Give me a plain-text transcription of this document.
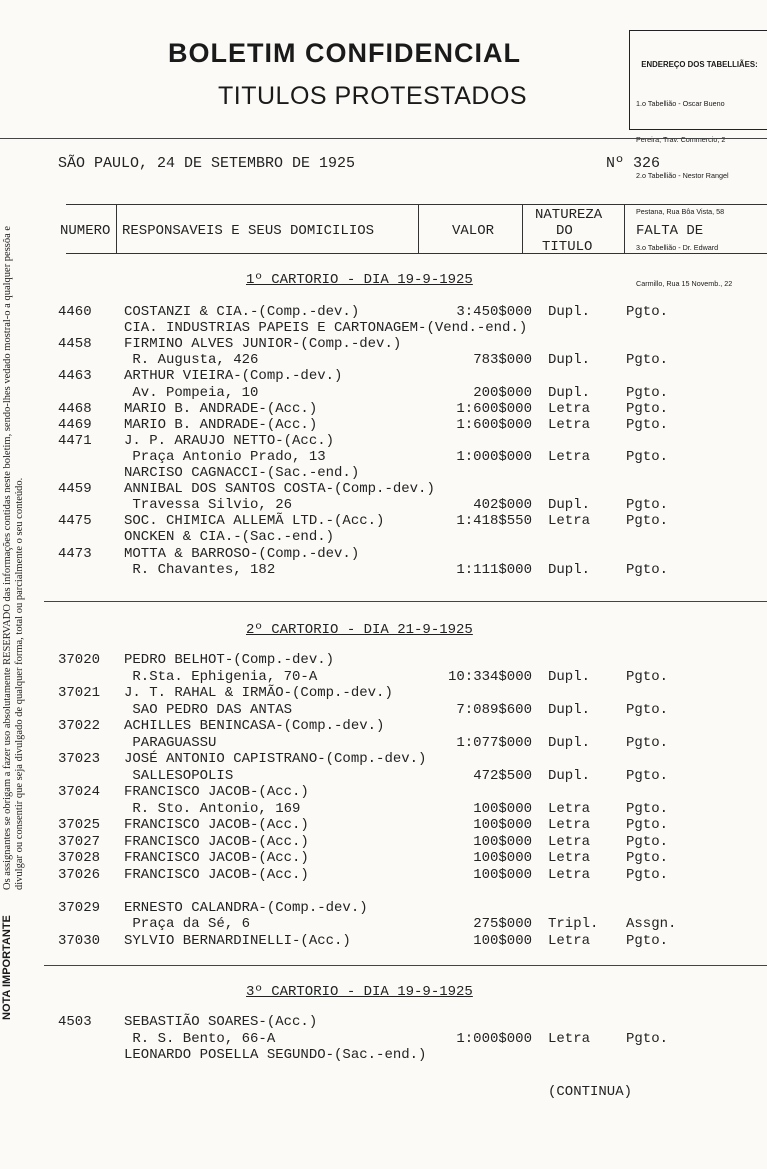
BOLETIM CONFIDENCIAL
TITULOS PROTESTADOS

ENDEREÇO DOS TABELLIÃES:

1.o Tabellião - Oscar Bueno

Pereira, Trav. Commercio, 2

2.o Tabellião - Nestor Rangel

Pestana, Rua Bôa Vista, 58

3.o Tabellião - Dr. Edward

Carmillo, Rua 15 Novemb., 22

SÃO PAULO, 24 DE SETEMBRO DE 1925	Nº 326
NUMERO RESPONSAVEIS E SEUS DOMICILIOS	VALOR
NATUREZA
DO
TITULO
FALTA DE
1º CARTORIO - DIA 19-9-1925
4460 COSTANZI & CIA.-(Comp.-dev.)	3:450$000 Dupl.	Pgto.
CIA. INDUSTRIAS PAPEIS E CARTONAGEM-(Vend.-end.)
4458 FIRMINO ALVES JUNIOR-(Comp.-dev.)
R. Augusta, 426	783$000 Dupl.	Pgto.
4463 ARTHUR VIEIRA-(Comp.-dev.)
Av. Pompeia, 10	200$000 Dupl.	Pgto.
4468 MARIO B. ANDRADE-(Acc.)	1:600$000 Letra	Pgto.
4469 MARIO B. ANDRADE-(Acc.)	1:600$000 Letra	Pgto.
4471 J. P. ARAUJO NETTO-(Acc.)
Praça Antonio Prado, 13	1:000$000 Letra	Pgto.
NARCISO CAGNACCI-(Sac.-end.)
4459 ANNIBAL DOS SANTOS COSTA-(Comp.-dev.)
Travessa Silvio, 26	402$000 Dupl.	Pgto.
4475 SOC. CHIMICA ALLEMÃ LTD.-(Acc.)	1:418$550 Letra	Pgto.
ONCKEN & CIA.-(Sac.-end.)
4473 MOTTA & BARROSO-(Comp.-dev.)
R. Chavantes, 182	1:111$000 Dupl.	Pgto.
2º CARTORIO - DIA 21-9-1925
37020 PEDRO BELHOT-(Comp.-dev.)
R.Sta. Ephigenia, 70-A	10:334$000 Dupl.	Pgto.
37021 J. T. RAHAL & IRMÃO-(Comp.-dev.)
SAO PEDRO DAS ANTAS	7:089$600 Dupl.	Pgto.
37022 ACHILLES BENINCASA-(Comp.-dev.)
PARAGUASSU	1:077$000 Dupl.	Pgto.
37023 JOSÉ ANTONIO CAPISTRANO-(Comp.-dev.)
SALLESOPOLIS	472$500 Dupl.	Pgto.
37024 FRANCISCO JACOB-(Acc.)
R. Sto. Antonio, 169	100$000 Letra	Pgto.
37025 FRANCISCO JACOB-(Acc.)	100$000 Letra	Pgto.
37027 FRANCISCO JACOB-(Acc.)	100$000 Letra	Pgto.
37028 FRANCISCO JACOB-(Acc.)	100$000 Letra	Pgto.
37026 FRANCISCO JACOB-(Acc.)	100$000 Letra	Pgto.
37029 ERNESTO CALANDRA-(Comp.-dev.)
Praça da Sé, 6	275$000 Tripl. Assgn.
37030 SYLVIO BERNARDINELLI-(Acc.)	100$000 Letra	Pgto.
3º CARTORIO - DIA 19-9-1925
4503 SEBASTIÃO SOARES-(Acc.)
R. S. Bento, 66-A	1:000$000 Letra	Pgto.
LEONARDO POSELLA SEGUNDO-(Sac.-end.)
(CONTINUA)
NOTA IMPORTANTE
Os assignantes se obrigam a fazer uso absolutamente RESERVADO das informações contidas neste boletim, sendo-lhes vedado mostral-o a qualquer pessôa e divulgar ou consentir que seja divulgado de qualquer forma, total ou parcialmente o seu conteúdo.
